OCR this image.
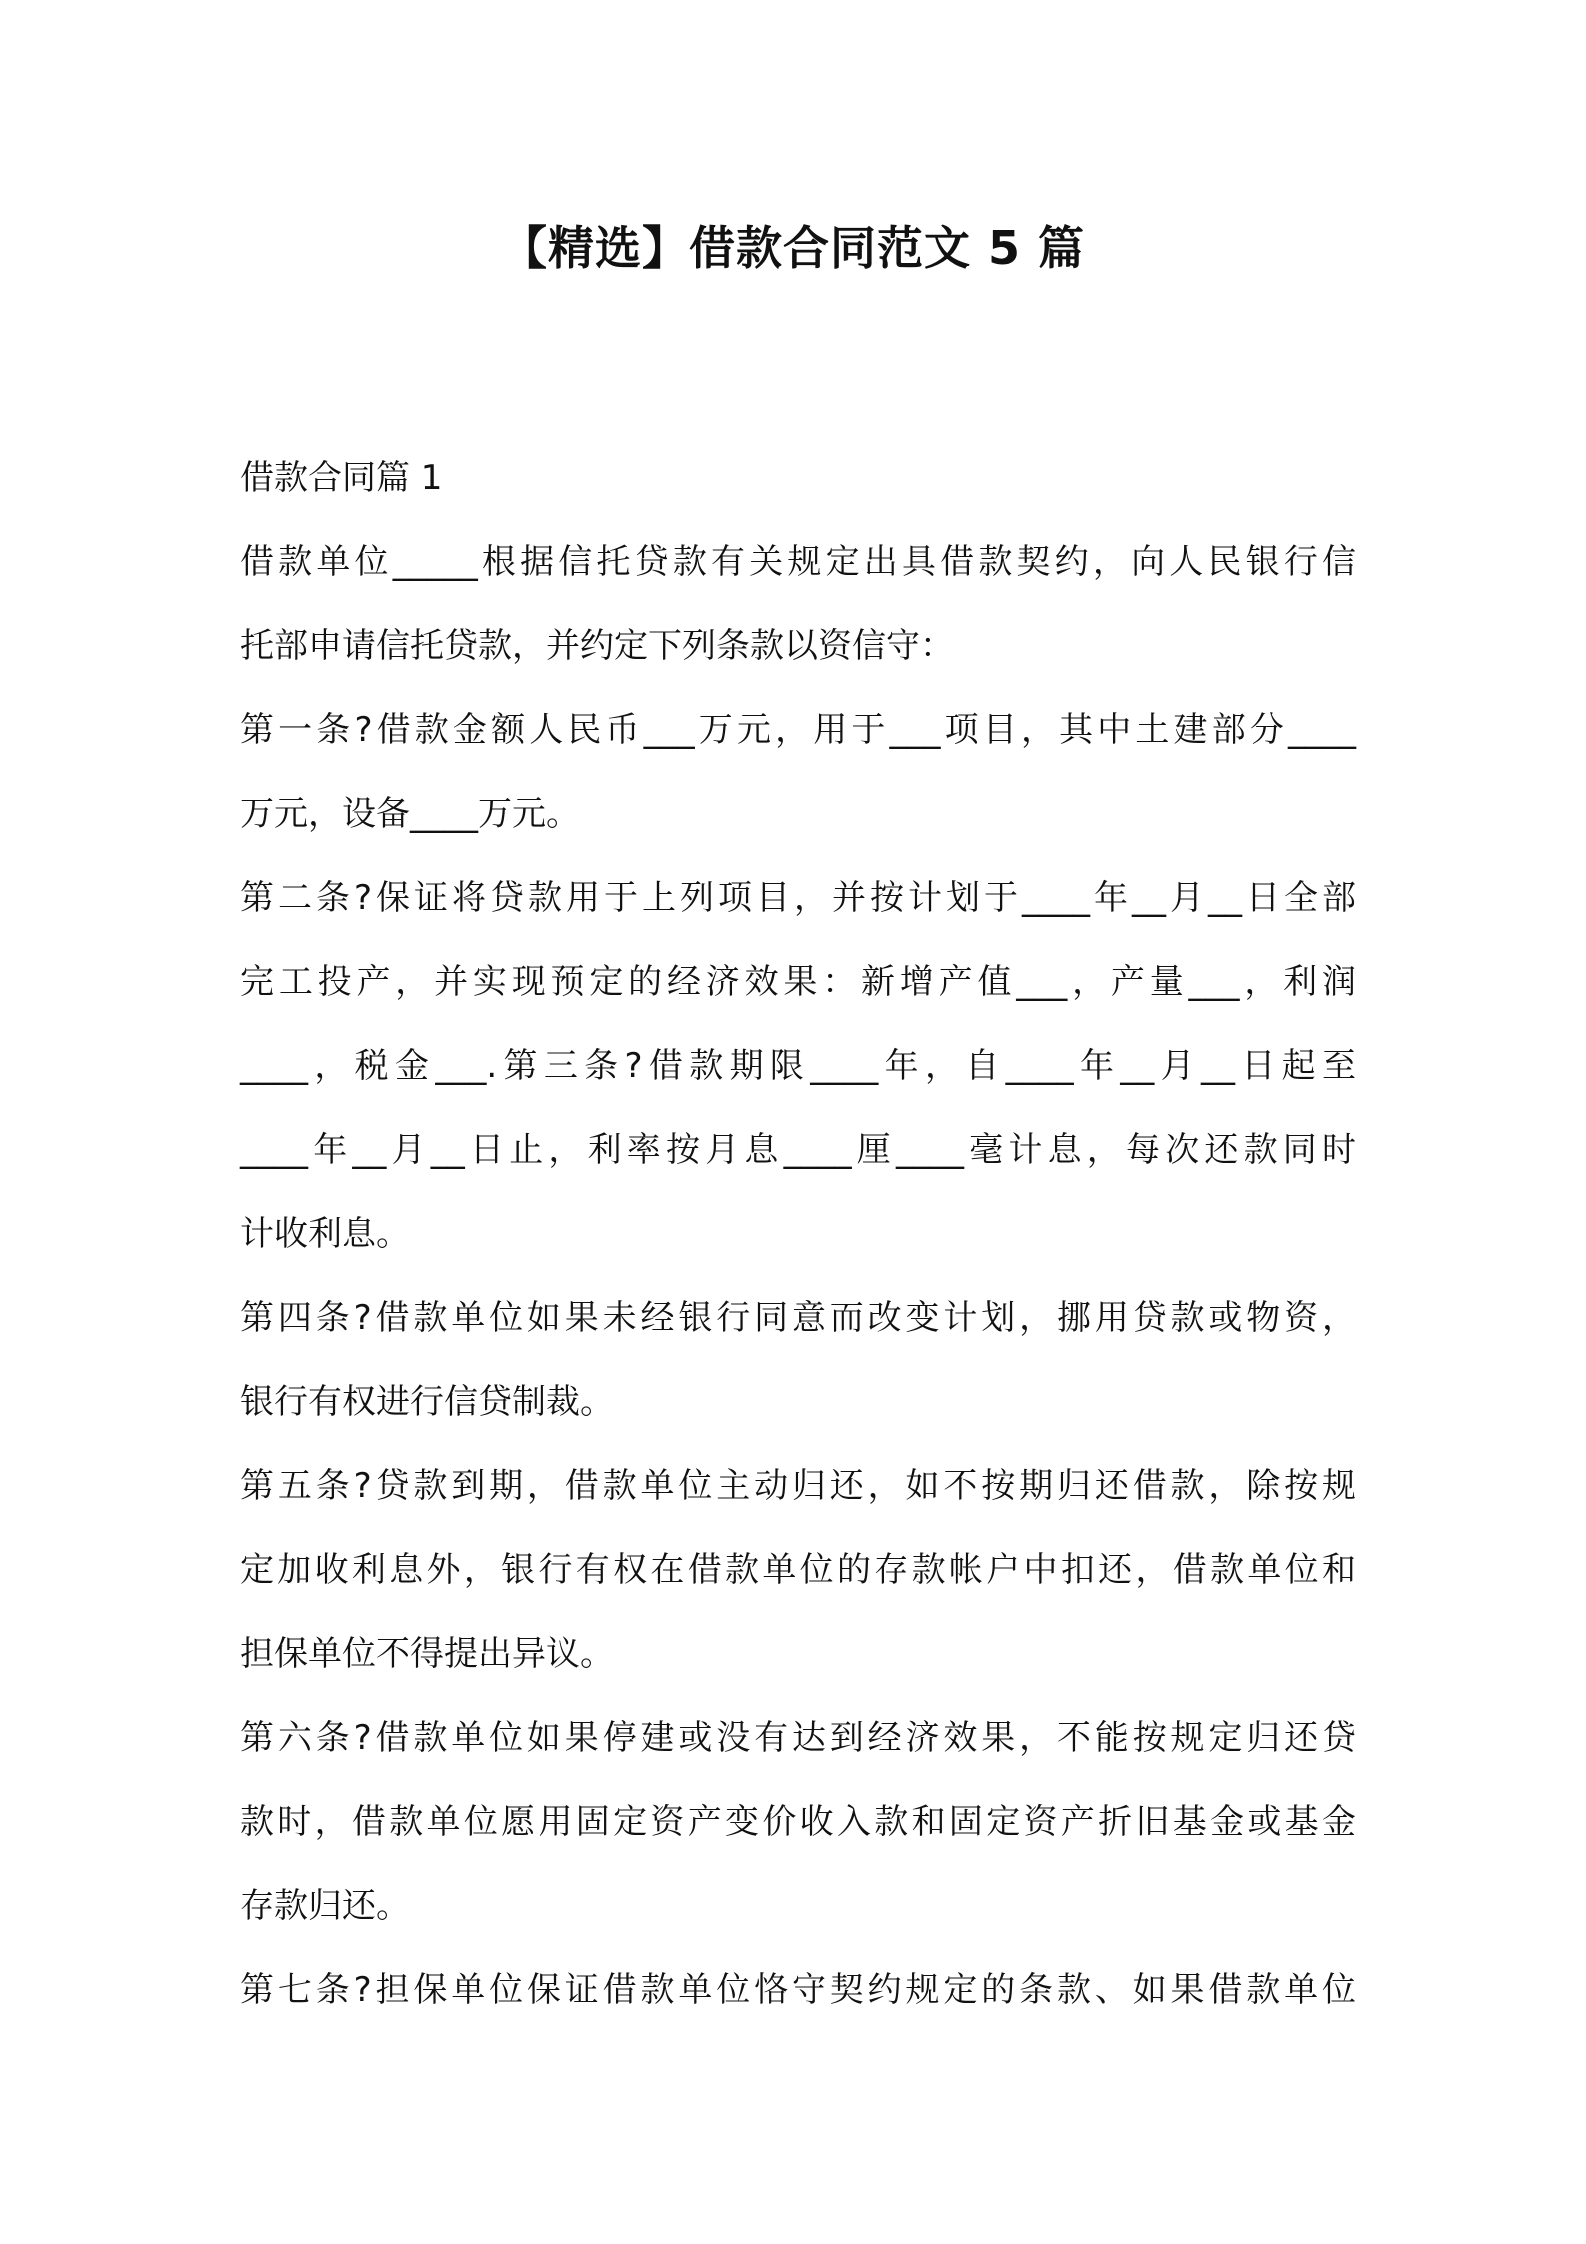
【精选】借款合同范文 5 篇
借款合同篇 1
借款单位_____根据信托贷款有关规定出具借款契约，向人民银行信
托部申请信托贷款，并约定下列条款以资信守：
第一条?借款金额人民币___万元，用于___项目，其中土建部分____
万元，设备____万元。
第二条?保证将贷款用于上列项目，并按计划于____年__月__日全部
完工投产，并实现预定的经济效果：新增产值___，产量___，利润
____，税金___.第三条?借款期限____年，自____年__月__日起至
____年__月__日止，利率按月息____厘____毫计息，每次还款同时
计收利息。
第四条?借款单位如果未经银行同意而改变计划，挪用贷款或物资，
银行有权进行信贷制裁。
第五条?贷款到期，借款单位主动归还，如不按期归还借款，除按规
定加收利息外，银行有权在借款单位的存款帐户中扣还，借款单位和
担保单位不得提出异议。
第六条?借款单位如果停建或没有达到经济效果，不能按规定归还贷
款时，借款单位愿用固定资产变价收入款和固定资产折旧基金或基金
存款归还。
第七条?担保单位保证借款单位恪守契约规定的条款、如果借款单位
